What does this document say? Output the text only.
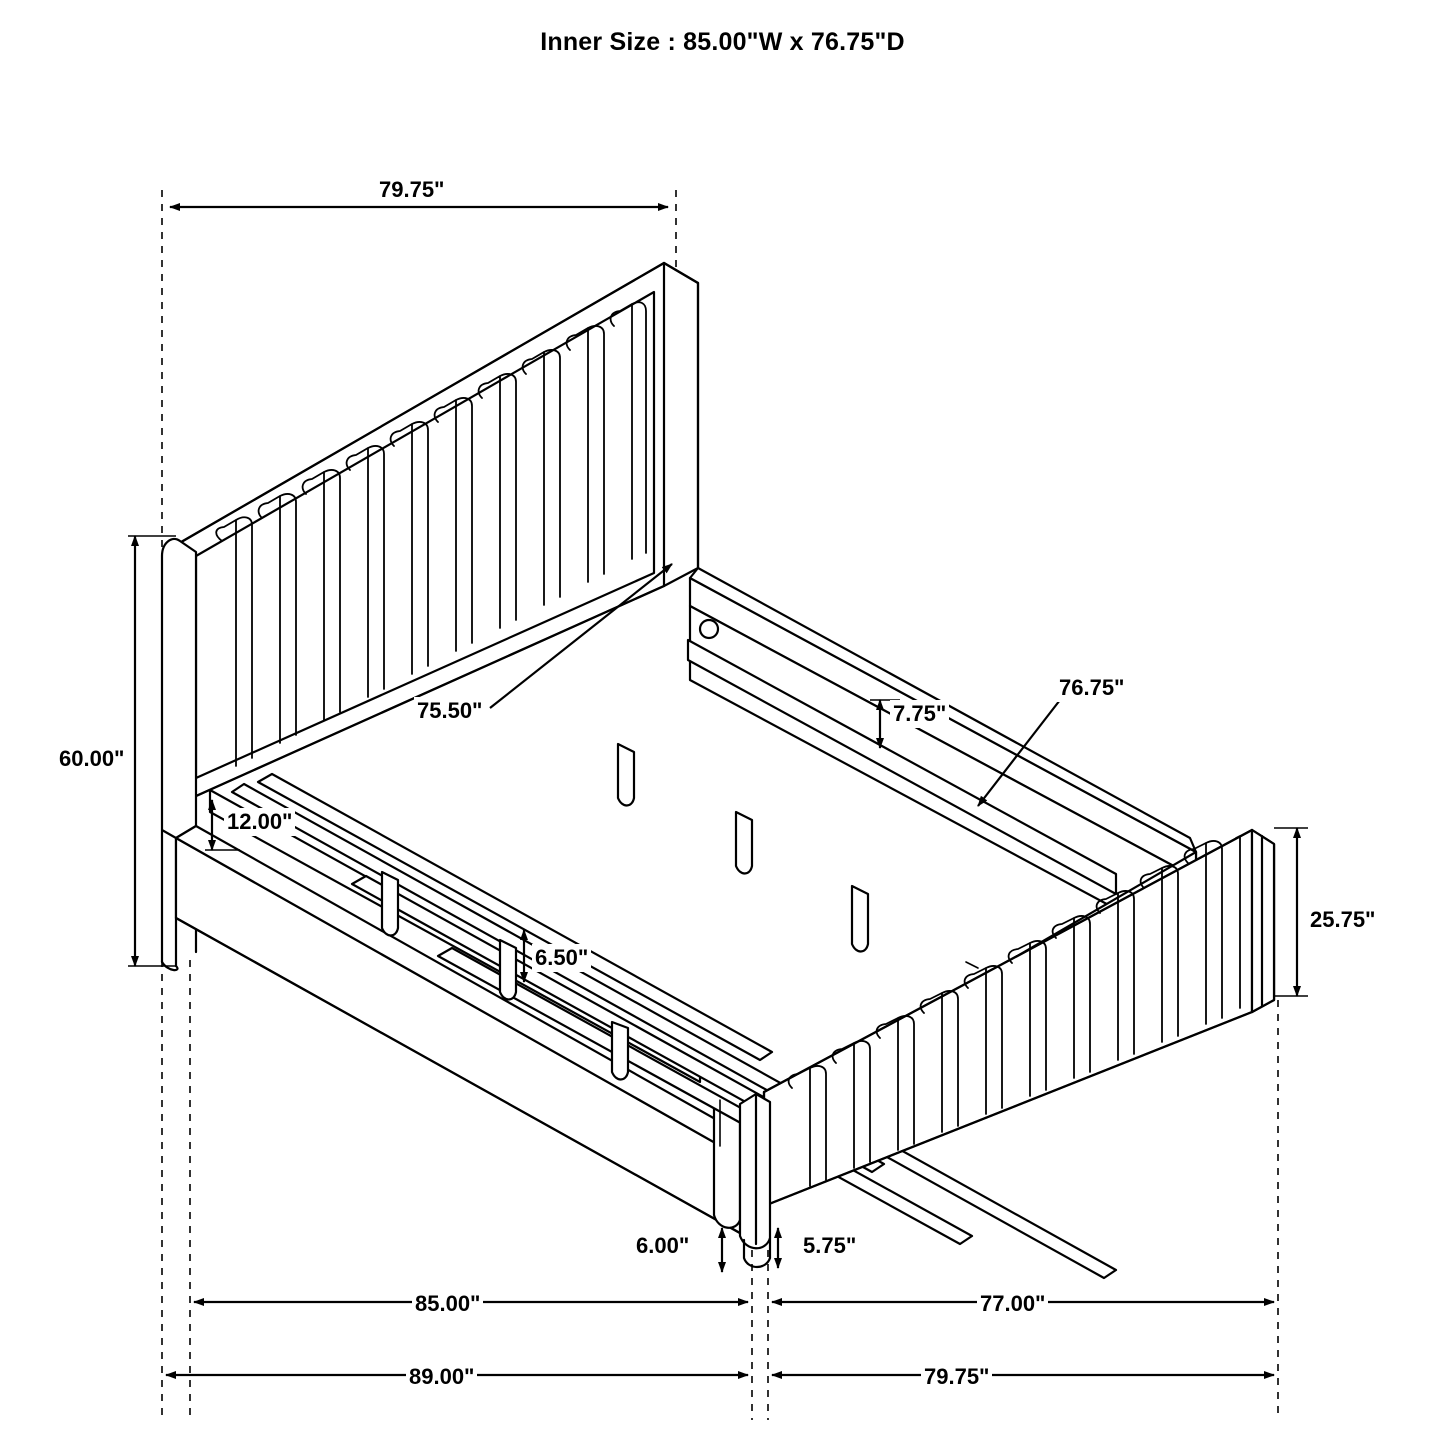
Inner Size : 85.00"W x 76.75"D
79.75"
60.00"
75.50"
12.00"
7.75"
76.75"
6.50"
25.75"
6.00"	5.75"
85.00"	77.00"
89.00"	79.75"
